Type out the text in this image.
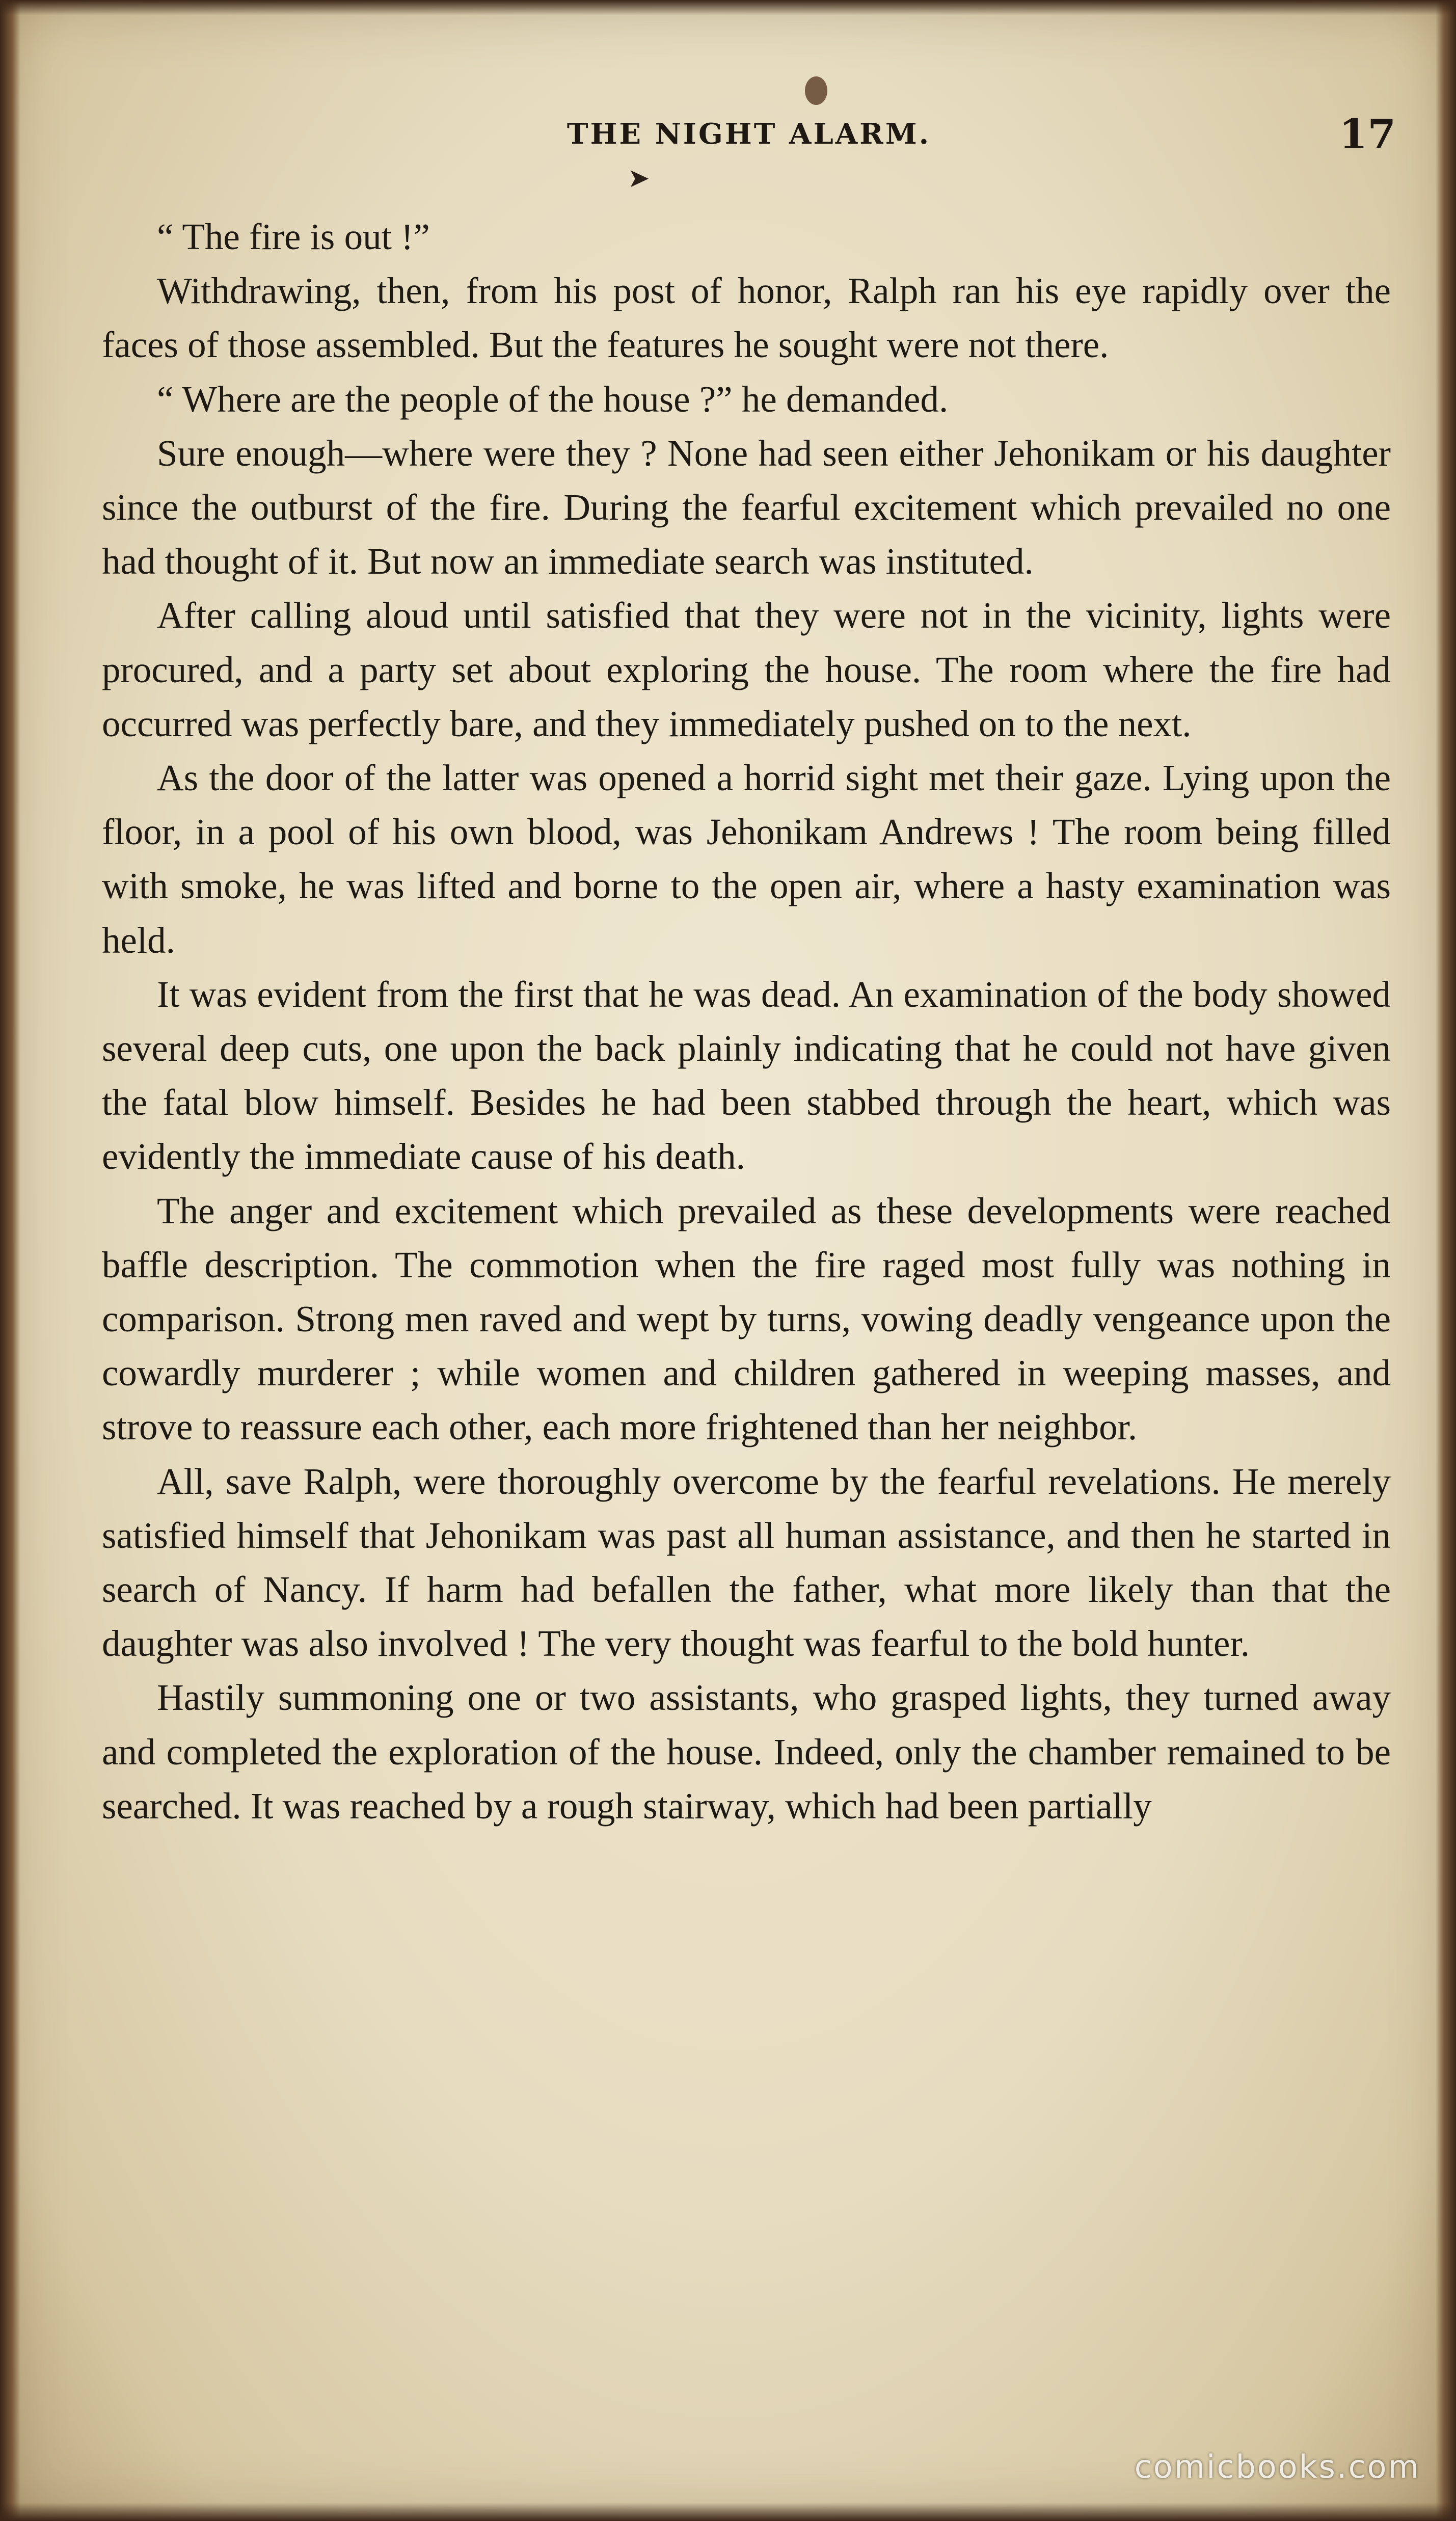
THE NIGHT ALARM.	17
➤

“ The fire is out !”

Withdrawing, then, from his post of honor, Ralph ran his eye rapidly over the faces of those assembled. But the features he sought were not there.

“ Where are the people of the house ?” he demanded.

Sure enough—where were they ? None had seen either Jehonikam or his daughter since the outburst of the fire. During the fearful excitement which prevailed no one had thought of it. But now an immediate search was instituted.

After calling aloud until satisfied that they were not in the vicinity, lights were procured, and a party set about exploring the house. The room where the fire had occurred was perfectly bare, and they immediately pushed on to the next.

As the door of the latter was opened a horrid sight met their gaze. Lying upon the floor, in a pool of his own blood, was Jehonikam Andrews ! The room being filled with smoke, he was lifted and borne to the open air, where a hasty examination was held.

It was evident from the first that he was dead. An examination of the body showed several deep cuts, one upon the back plainly indicating that he could not have given the fatal blow himself. Besides he had been stabbed through the heart, which was evidently the immediate cause of his death.

The anger and excitement which prevailed as these developments were reached baffle description. The commotion when the fire raged most fully was nothing in comparison. Strong men raved and wept by turns, vowing deadly vengeance upon the cowardly murderer ; while women and children gathered in weeping masses, and strove to reassure each other, each more frightened than her neighbor.

All, save Ralph, were thoroughly overcome by the fearful revelations. He merely satisfied himself that Jehonikam was past all human assistance, and then he started in search of Nancy. If harm had befallen the father, what more likely than that the daughter was also involved ! The very thought was fearful to the bold hunter.

Hastily summoning one or two assistants, who grasped lights, they turned away and completed the exploration of the house. Indeed, only the chamber remained to be searched. It was reached by a rough stairway, which had been partially

comicbooks.com
